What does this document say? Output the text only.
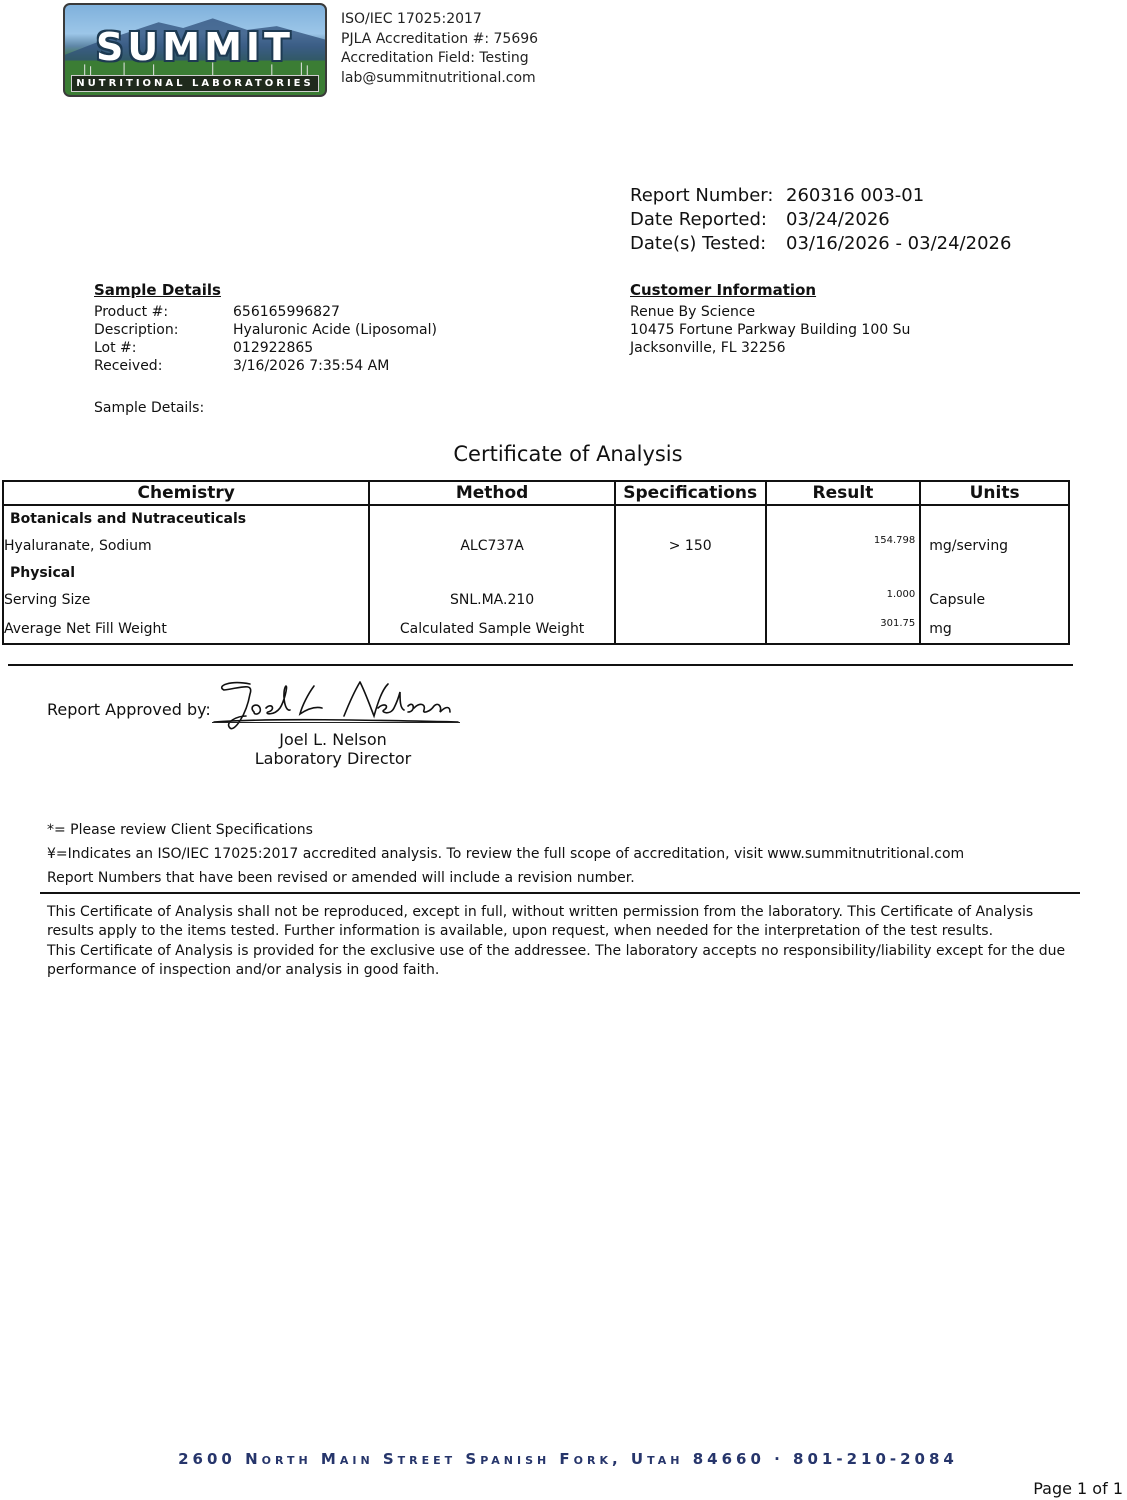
SUMMIT
NUTRITIONAL LABORATORIES
ISO/IEC 17025:2017
PJLA Accreditation #: 75696
Accreditation Field: Testing
lab@summitnutritional.com
Report Number: 260316 003-01
Date Reported:	03/24/2026
Date(s) Tested:	03/16/2026 - 03/24/2026
Sample Details
Product #:	656165996827
Description:	Hyaluronic Acide (Liposomal)
Lot #:	012922865
Received:	3/16/2026 7:35:54 AM
Customer Information
Renue By Science
10475 Fortune Parkway Building 100 Su
Jacksonville, FL 32256
Sample Details:
Certificate of Analysis
Chemistry	Method	Specifications	Result	Units
Botanicals and Nutraceuticals				
Hyaluranate, Sodium	ALC737A	> 150	154.798	mg/serving
Physical				
Serving Size	SNL.MA.210		1.000	Capsule
Average Net Fill Weight	Calculated Sample Weight		301.75	mg
Report Approved by:
Joel L. Nelson
Laboratory Director
*= Please review Client Specifications
¥=Indicates an ISO/IEC 17025:2017 accredited analysis. To review the full scope of accreditation, visit www.summitnutritional.com
Report Numbers that have been revised or amended will include a revision number.
This Certificate of Analysis shall not be reproduced, except in full, without written permission from the laboratory. This Certificate of Analysis results apply to the items tested. Further information is available, upon request, when needed for the interpretation of the test results.
This Certificate of Analysis is provided for the exclusive use of the addressee. The laboratory accepts no responsibility/liability except for the due performance of inspection and/or analysis in good faith.
2600 North Main Street Spanish Fork, Utah 84660 · 801-210-2084
Page 1 of 1
